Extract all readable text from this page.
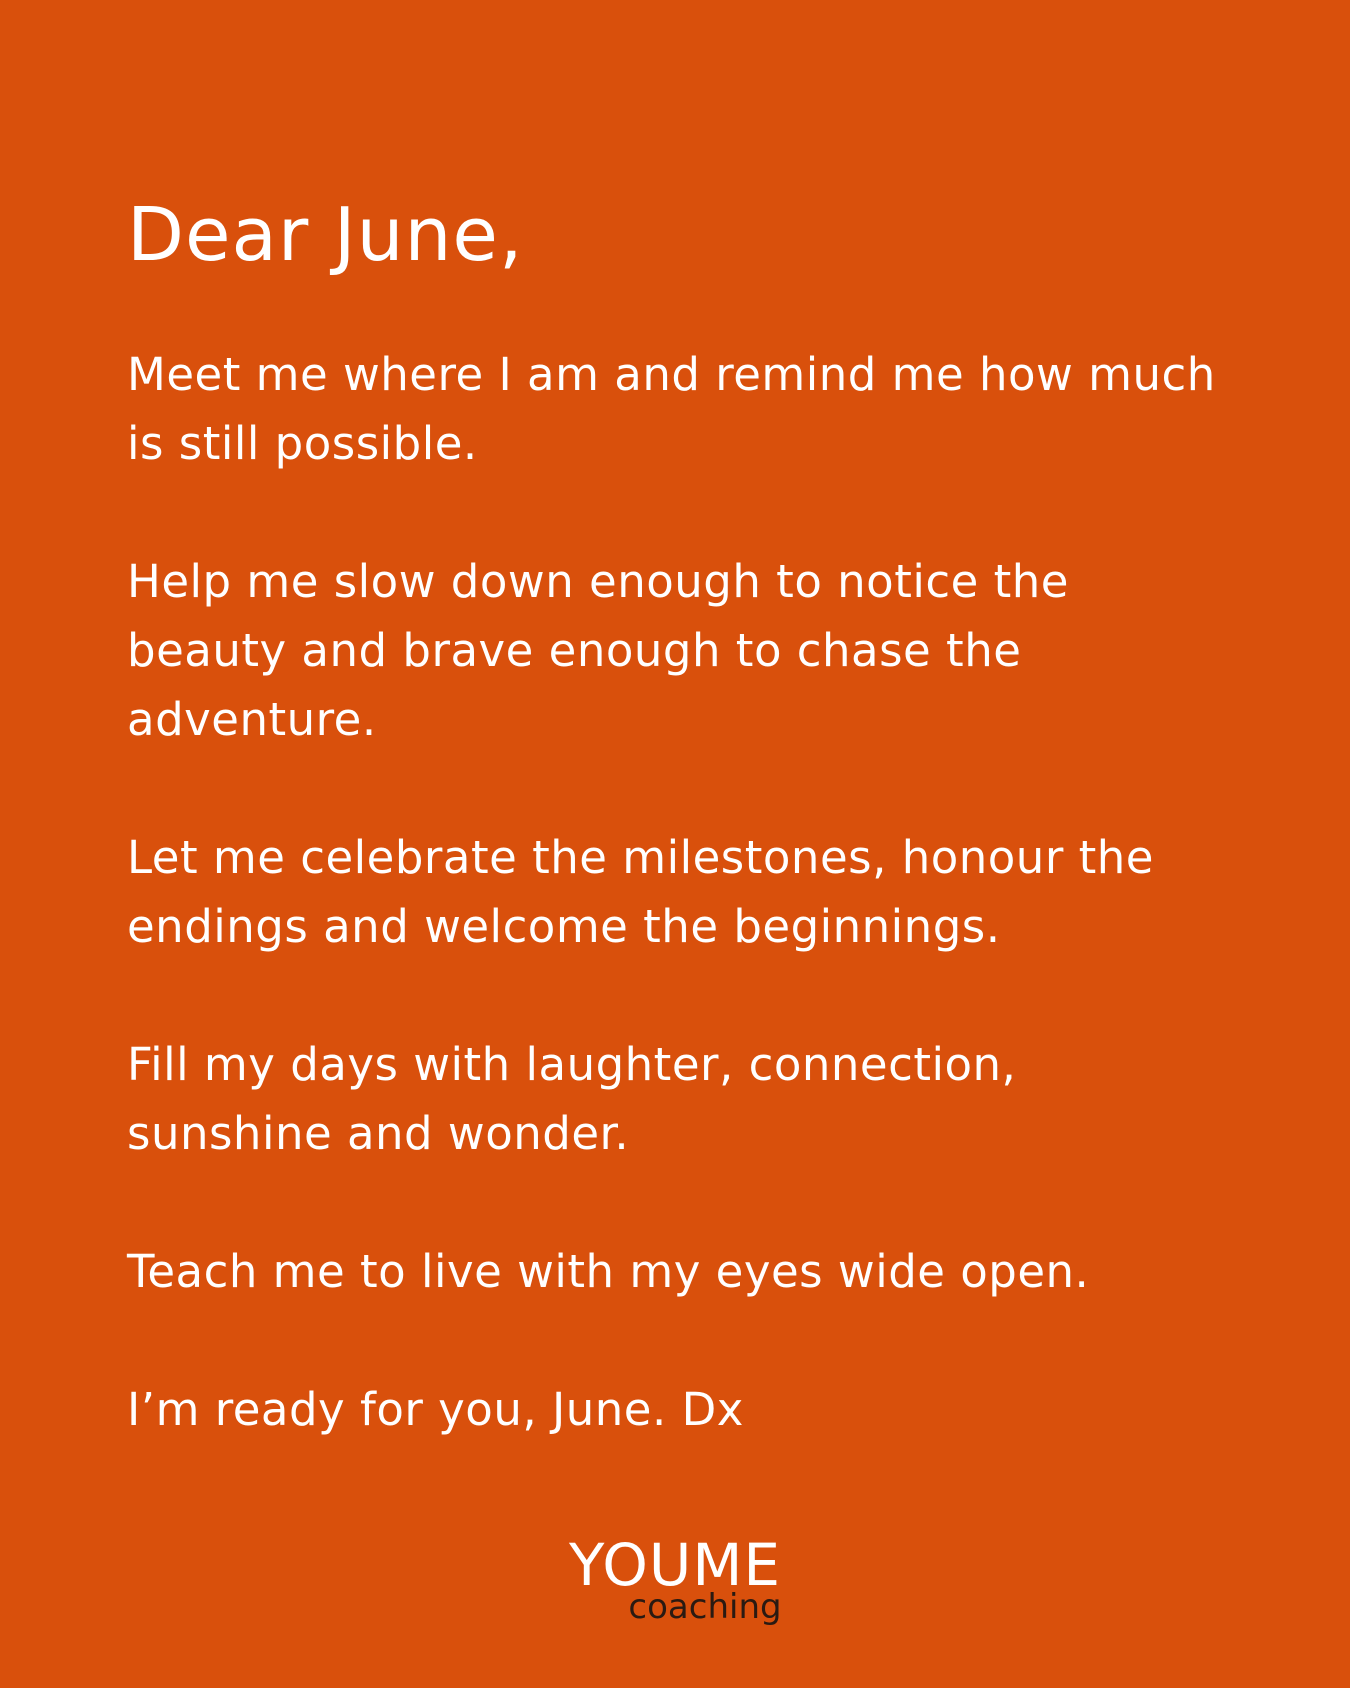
Dear June,

Meet me where I am and remind me how much is still possible.

Help me slow down enough to notice the beauty and brave enough to chase the adventure.

Let me celebrate the milestones, honour the endings and welcome the beginnings.

Fill my days with laughter, connection, sunshine and wonder.

Teach me to live with my eyes wide open.

I’m ready for you, June. Dx

YOUME
coaching
